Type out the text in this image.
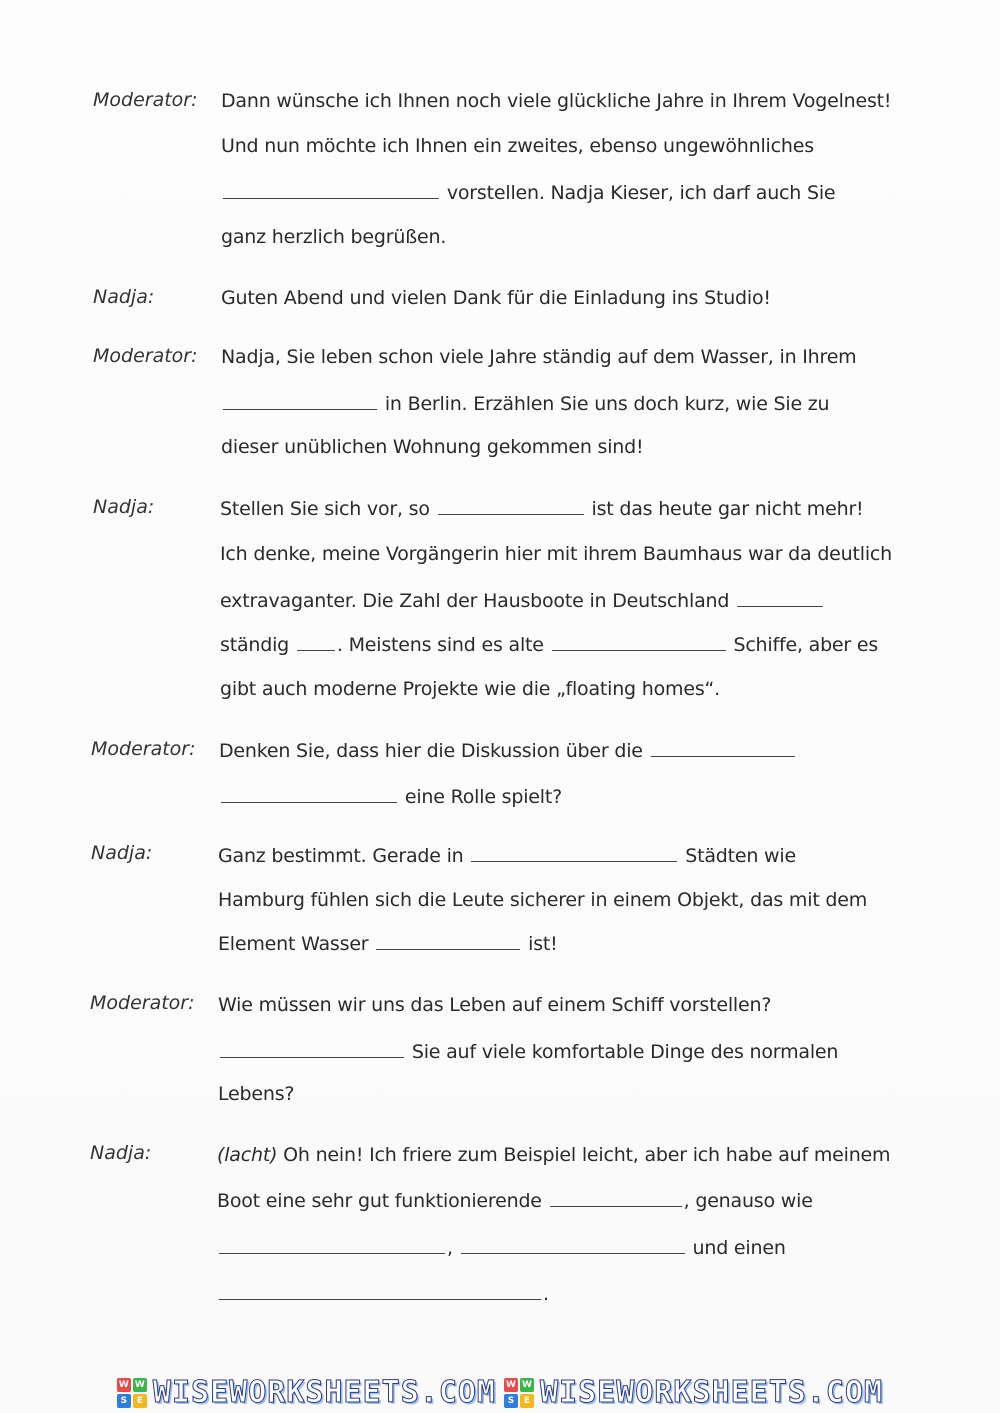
Moderator: Dann wünsche ich Ihnen noch viele glückliche Jahre in Ihrem Vogelnest!
Und nun möchte ich Ihnen ein zweites, ebenso ungewöhnliches
vorstellen. Nadja Kieser, ich darf auch Sie
ganz herzlich begrüßen.
Nadja:	Guten Abend und vielen Dank für die Einladung ins Studio!
Moderator: Nadja, Sie leben schon viele Jahre ständig auf dem Wasser, in Ihrem
in Berlin. Erzählen Sie uns doch kurz, wie Sie zu
dieser unüblichen Wohnung gekommen sind!
Nadja:	Stellen Sie sich vor, so	ist das heute gar nicht mehr!
Ich denke, meine Vorgängerin hier mit ihrem Baumhaus war da deutlich
extravaganter. Die Zahl der Hausboote in Deutschland
ständig	. Meistens sind es alte	Schiffe, aber es
gibt auch moderne Projekte wie die „floating homes“.
Moderator: Denken Sie, dass hier die Diskussion über die
eine Rolle spielt?
Nadja:	Ganz bestimmt. Gerade in	Städten wie
Hamburg fühlen sich die Leute sicherer in einem Objekt, das mit dem
Element Wasser	ist!
Moderator: Wie müssen wir uns das Leben auf einem Schiff vorstellen?
Sie auf viele komfortable Dinge des normalen
Lebens?
Nadja:	(lacht) Oh nein! Ich friere zum Beispiel leicht, aber ich habe auf meinem
Boot eine sehr gut funktionierende	, genauso wie
,	und einen
.
W W
S	E WISEWORKSHEETS.COM W W
S	E WISEWORKSHEETS.COM
